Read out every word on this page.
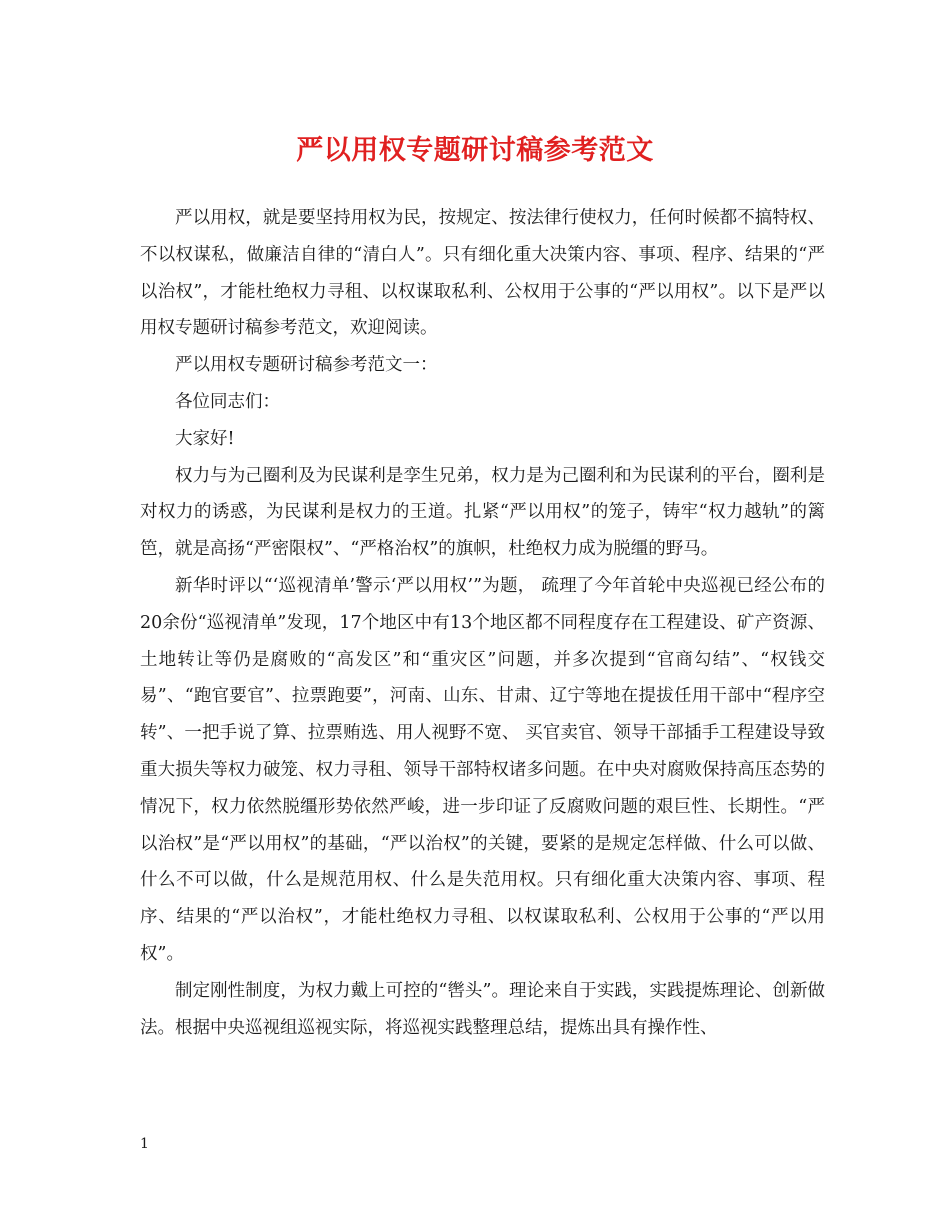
严以用权专题研讨稿参考范文

严以用权，就是要坚持用权为民，按规定、按法律行使权力，任何时候都不搞特权、不以权谋私，做廉洁自律的“清白人”。只有细化重大决策内容、事项、程序、结果的“严以治权”，才能杜绝权力寻租、以权谋取私利、公权用于公事的“严以用权”。以下是严以用权专题研讨稿参考范文，欢迎阅读。

严以用权专题研讨稿参考范文一：

各位同志们：

大家好!

权力与为己圈利及为民谋利是孪生兄弟，权力是为己圈利和为民谋利的平台，圈利是对权力的诱惑，为民谋利是权力的王道。扎紧“严以用权”的笼子，铸牢“权力越轨”的篱笆，就是高扬“严密限权”、“严格治权”的旗帜，杜绝权力成为脱缰的野马。

新华时评以“‘巡视清单’警示‘严以用权’”为题， 疏理了今年首轮中央巡视已经公布的20余份“巡视清单”发现，17个地区中有13个地区都不同程度存在工程建设、矿产资源、土地转让等仍是腐败的“高发区”和“重灾区”问题，并多次提到“官商勾结”、“权钱交易”、“跑官要官”、拉票跑要”，河南、山东、甘肃、辽宁等地在提拔任用干部中“程序空转”、一把手说了算、拉票贿选、用人视野不宽、 买官卖官、领导干部插手工程建设导致重大损失等权力破笼、权力寻租、领导干部特权诸多问题。在中央对腐败保持高压态势的情况下，权力依然脱缰形势依然严峻，进一步印证了反腐败问题的艰巨性、长期性。“严以治权”是“严以用权”的基础，“严以治权”的关键，要紧的是规定怎样做、什么可以做、什么不可以做，什么是规范用权、什么是失范用权。只有细化重大决策内容、事项、程序、结果的“严以治权”，才能杜绝权力寻租、以权谋取私利、公权用于公事的“严以用权”。

制定刚性制度，为权力戴上可控的“辔头”。理论来自于实践，实践提炼理论、创新做法。根据中央巡视组巡视实际，将巡视实践整理总结，提炼出具有操作性、

1
